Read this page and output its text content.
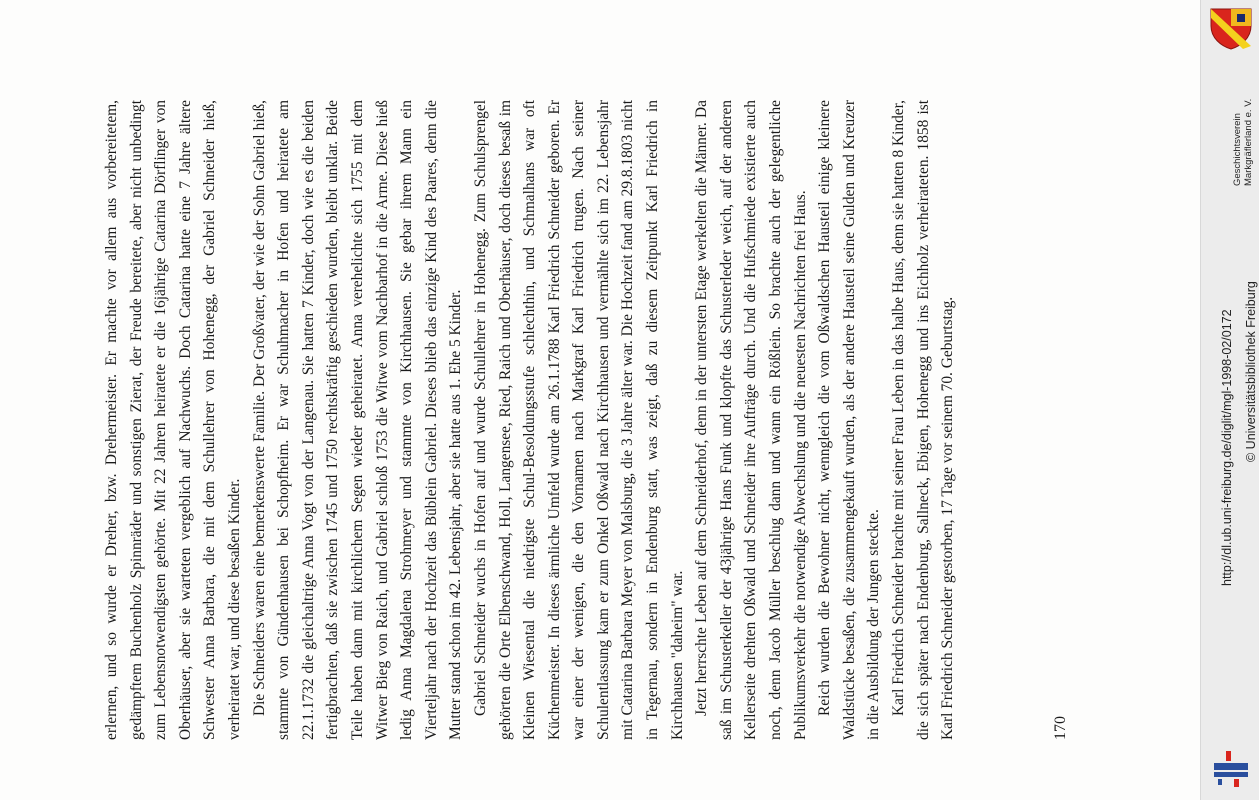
erlernen, und so wurde er Dreher, bzw. Drehermeister. Er machte vor allem aus vorbereitetem, gedämpftem Buchenholz Spinnräder und sonstigen Zierat, der Freude bereitete, aber nicht unbedingt zum Lebensnotwendigsten gehörte. Mit 22 Jahren heiratete er die 16jährige Catarina Dörflinger von Oberhäuser, aber sie warteten vergeblich auf Nachwuchs. Doch Catarina hatte eine 7 Jahre ältere Schwester Anna Barbara, die mit dem Schullehrer von Hohenegg, der Gabriel Schneider hieß, verheiratet war, und diese besaßen Kinder. Die Schneiders waren eine bemerkenswerte Familie. Der Großvater, der wie der Sohn Gabriel hieß, stammte von Gündenhausen bei Schopfheim. Er war Schuhmacher in Hofen und heiratete am 22.1.1732 die gleichaltrige Anna Vogt von der Langenau. Sie hatten 7 Kinder, doch wie es die beiden fertigbrachten, daß sie zwischen 1745 und 1750 rechtskräftig geschieden wurden, bleibt unklar. Beide Teile haben dann mit kirchlichem Segen wieder geheiratet. Anna verehelichte sich 1755 mit dem Witwer Bieg von Raich, und Gabriel schloß 1753 die Witwe vom Nachbarhof in die Arme. Diese hieß ledig Anna Magdalena Strohmeyer und stammte von Kirchhausen. Sie gebar ihrem Mann ein Vierteljahr nach der Hochzeit das Büblein Gabriel. Dieses blieb das einzige Kind des Paares, denn die Mutter stand schon im 42. Lebensjahr, aber sie hatte aus 1. Ehe 5 Kinder. Gabriel Schneider wuchs in Hofen auf und wurde Schullehrer in Hohenegg. Zum Schulsprengel gehörten die Orte Elbenschwand, Holl, Langensee, Ried, Raich und Oberhäuser, doch dieses besaß im Kleinen Wiesental die niedrigste Schul-Besoldungsstufe schlechthin, und Schmalhans war oft Küchenmeister. In dieses ärmliche Umfeld wurde am 26.1.1788 Karl Friedrich Schneider geboren. Er war einer der wenigen, die den Vornamen nach Markgraf Karl Friedrich trugen. Nach seiner Schulentlassung kam er zum Onkel Oßwald nach Kirchhausen und vermählte sich im 22. Lebensjahr mit Catarina Barbara Meyer von Malsburg, die 3 Jahre älter war. Die Hochzeit fand am 29.8.1803 nicht in Tegernau, sondern in Endenburg statt, was zeigt, daß zu diesem Zeitpunkt Karl Friedrich in Kirchhausen "daheim" war. Jetzt herrschte Leben auf dem Schneiderhof, denn in der untersten Etage werkelten die Männer. Da saß im Schusterkeller der 43jährige Hans Funk und klopfte das Schusterleder weich, auf der anderen Kellerseite drehten Oßwald und Schneider ihre Aufträge durch. Und die Hufschmiede existierte auch noch, denn Jacob Müller beschlug dann und wann ein Rößlein. So brachte auch der gelegentliche Publikumsverkehr die notwendige Abwechslung und die neuesten Nachrichten frei Haus. Reich wurden die Bewohner nicht, wenngleich die vom Oßwaldschen Hausteil einige kleinere Waldstücke besaßen, die zusammengekauft wurden, als der andere Hausteil seine Gulden und Kreuzer in die Ausbildung der Jungen steckte. Karl Friedrich Schneider brachte mit seiner Frau Leben in das halbe Haus, denn sie hatten 8 Kinder, die sich später nach Endenburg, Sallneck, Ebigen, Hohenegg und ins Eichholz verheirateten. 1858 ist Karl Friedrich Schneider gestorben, 17 Tage vor seinem 70. Geburtstag.	170
http://dl.ub.uni-freiburg.de/diglit/mgl-1998-02/0172 © Universitätsbibliothek Freiburg
Geschichtsverein Markgräflerland e. V.
